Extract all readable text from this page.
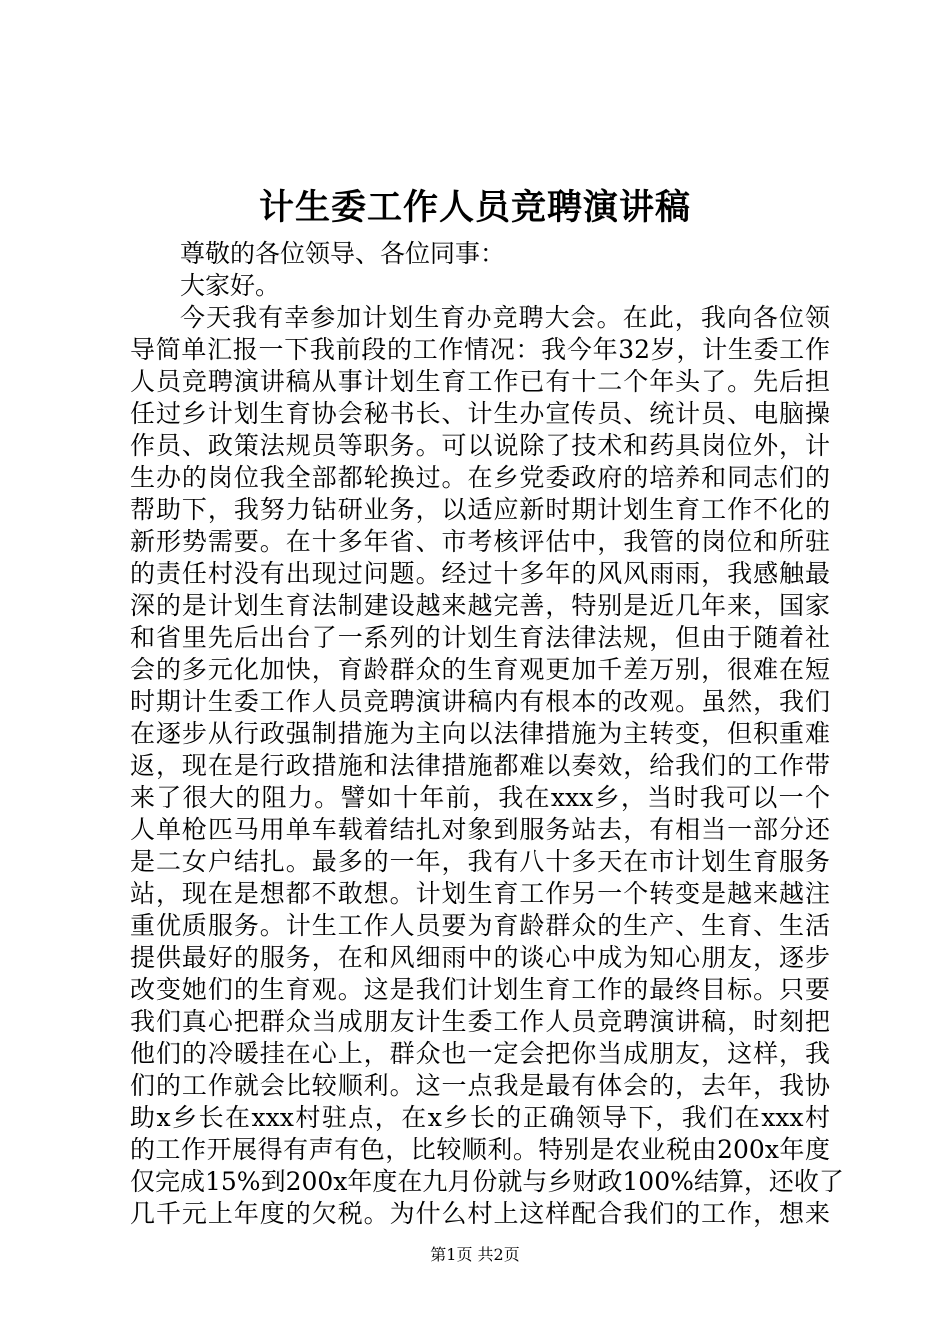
计生委工作人员竞聘演讲稿
尊敬的各位领导、各位同事：
大家好。
今天我有幸参加计划生育办竞聘大会。在此，我向各位领
导简单汇报一下我前段的工作情况：我今年32岁，计生委工作
人员竞聘演讲稿从事计划生育工作已有十二个年头了。先后担
任过乡计划生育协会秘书长、计生办宣传员、统计员、电脑操
作员、政策法规员等职务。可以说除了技术和药具岗位外，计
生办的岗位我全部都轮换过。在乡党委政府的培养和同志们的
帮助下，我努力钻研业务，以适应新时期计划生育工作不化的
新形势需要。在十多年省、市考核评估中，我管的岗位和所驻
的责任村没有出现过问题。经过十多年的风风雨雨，我感触最
深的是计划生育法制建设越来越完善，特别是近几年来，国家
和省里先后出台了一系列的计划生育法律法规，但由于随着社
会的多元化加快，育龄群众的生育观更加千差万别，很难在短
时期计生委工作人员竞聘演讲稿内有根本的改观。虽然，我们
在逐步从行政强制措施为主向以法律措施为主转变，但积重难
返，现在是行政措施和法律措施都难以奏效，给我们的工作带
来了很大的阻力。譬如十年前，我在xxx乡，当时我可以一个
人单枪匹马用单车载着结扎对象到服务站去，有相当一部分还
是二女户结扎。最多的一年，我有八十多天在市计划生育服务
站，现在是想都不敢想。计划生育工作另一个转变是越来越注
重优质服务。计生工作人员要为育龄群众的生产、生育、生活
提供最好的服务，在和风细雨中的谈心中成为知心朋友，逐步
改变她们的生育观。这是我们计划生育工作的最终目标。只要
我们真心把群众当成朋友计生委工作人员竞聘演讲稿，时刻把
他们的冷暖挂在心上，群众也一定会把你当成朋友，这样，我
们的工作就会比较顺利。这一点我是最有体会的，去年，我协
助x乡长在xxx村驻点，在x乡长的正确领导下，我们在xxx村
的工作开展得有声有色，比较顺利。特别是农业税由200x年度
仅完成15%到200x年度在九月份就与乡财政100%结算，还收了
几千元上年度的欠税。为什么村上这样配合我们的工作，想来
第1页 共2页
